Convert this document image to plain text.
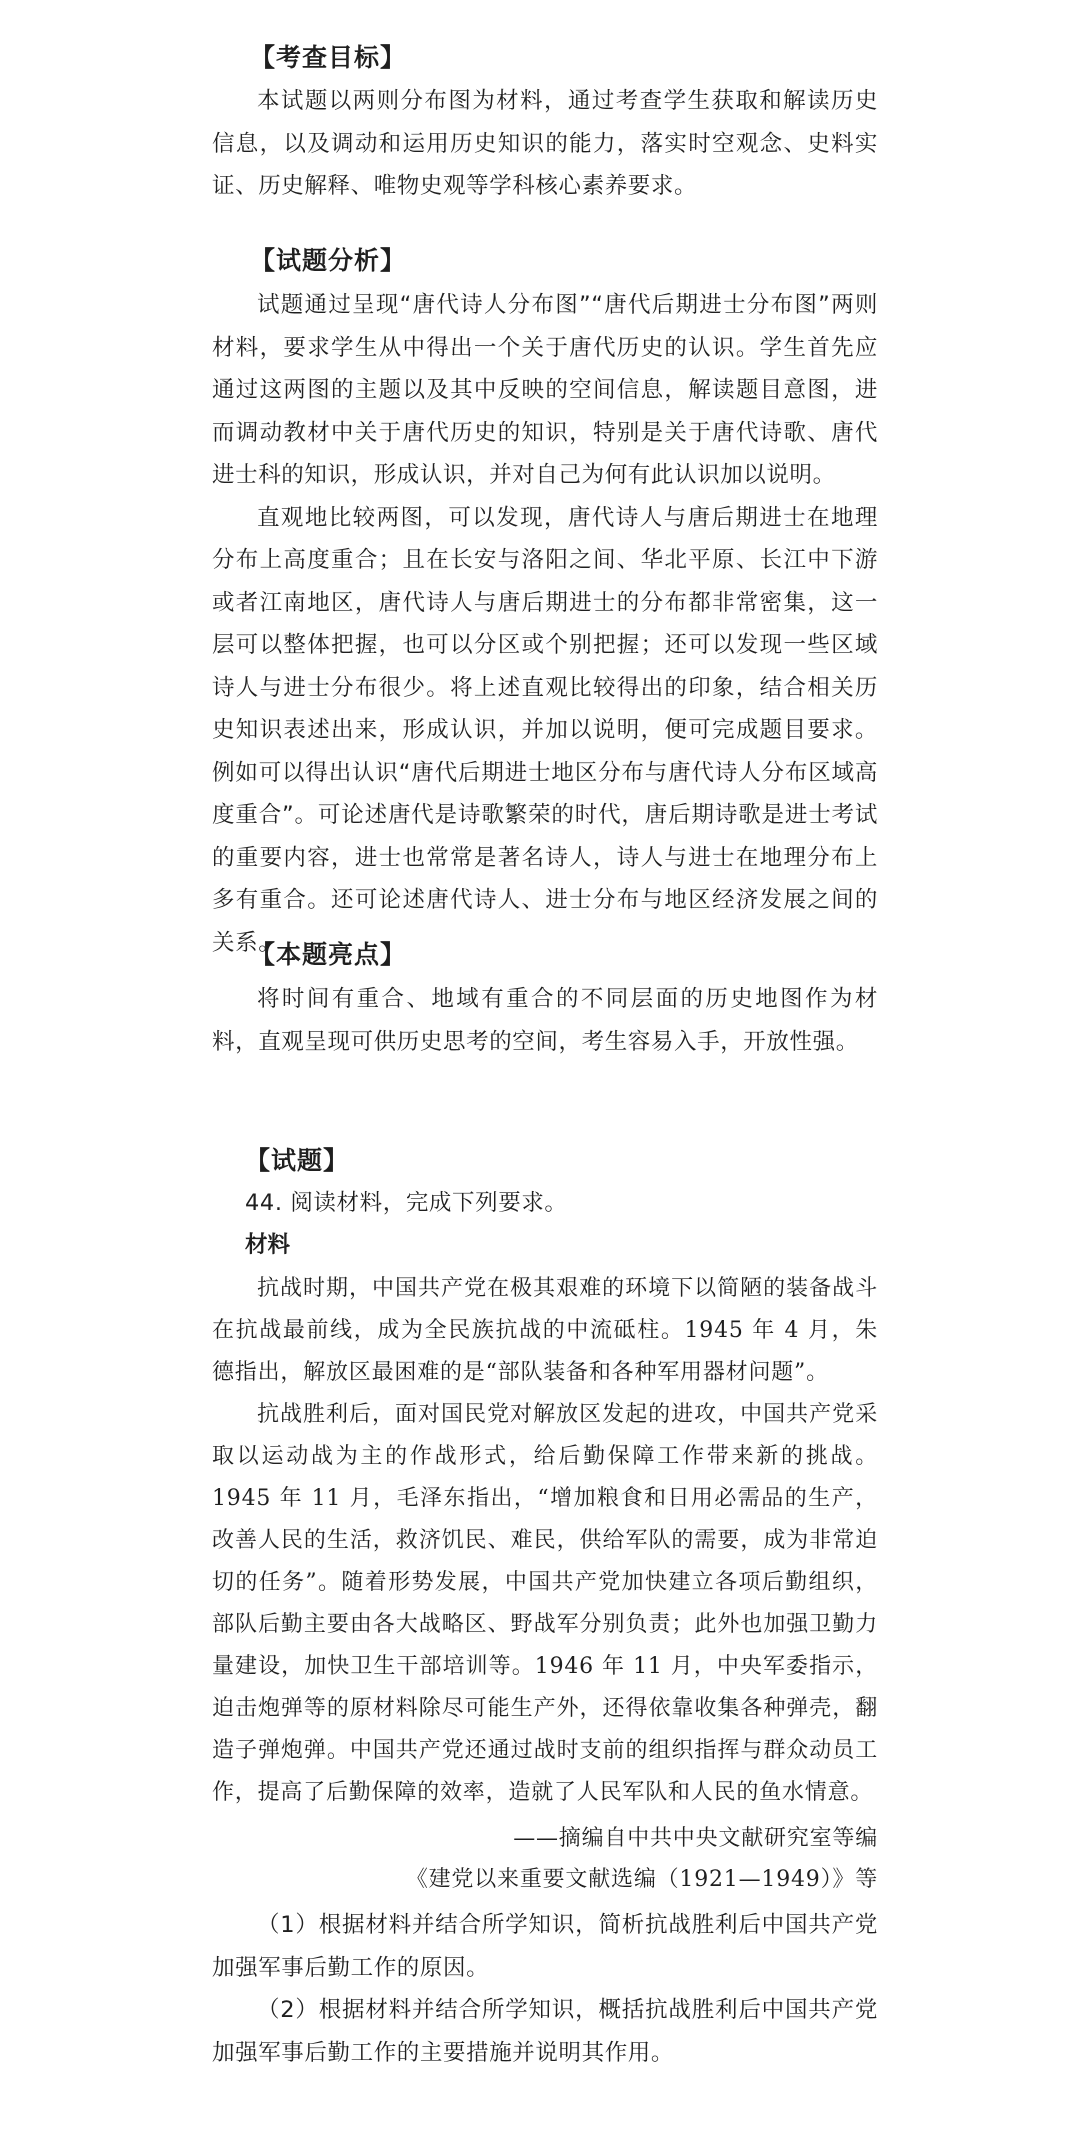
【考查目标】

本试题以两则分布图为材料，通过考查学生获取和解读历史信息，以及调动和运用历史知识的能力，落实时空观念、史料实证、历史解释、唯物史观等学科核心素养要求。

【试题分析】

试题通过呈现“唐代诗人分布图”“唐代后期进士分布图”两则材料，要求学生从中得出一个关于唐代历史的认识。学生首先应通过这两图的主题以及其中反映的空间信息，解读题目意图，进而调动教材中关于唐代历史的知识，特别是关于唐代诗歌、唐代进士科的知识，形成认识，并对自己为何有此认识加以说明。

直观地比较两图，可以发现，唐代诗人与唐后期进士在地理分布上高度重合；且在长安与洛阳之间、华北平原、长江中下游或者江南地区，唐代诗人与唐后期进士的分布都非常密集，这一层可以整体把握，也可以分区或个别把握；还可以发现一些区域诗人与进士分布很少。将上述直观比较得出的印象，结合相关历史知识表述出来，形成认识，并加以说明，便可完成题目要求。例如可以得出认识“唐代后期进士地区分布与唐代诗人分布区域高度重合”。可论述唐代是诗歌繁荣的时代，唐后期诗歌是进士考试的重要内容，进士也常常是著名诗人，诗人与进士在地理分布上多有重合。还可论述唐代诗人、进士分布与地区经济发展之间的关系。

【本题亮点】

将时间有重合、地域有重合的不同层面的历史地图作为材料，直观呈现可供历史思考的空间，考生容易入手，开放性强。

【试题】
44. 阅读材料，完成下列要求。
材料

抗战时期，中国共产党在极其艰难的环境下以简陋的装备战斗在抗战最前线，成为全民族抗战的中流砥柱。1945 年 4 月，朱德指出，解放区最困难的是“部队装备和各种军用器材问题”。

抗战胜利后，面对国民党对解放区发起的进攻，中国共产党采取以运动战为主的作战形式，给后勤保障工作带来新的挑战。1945 年 11 月，毛泽东指出，“增加粮食和日用必需品的生产，改善人民的生活，救济饥民、难民，供给军队的需要，成为非常迫切的任务”。随着形势发展，中国共产党加快建立各项后勤组织，部队后勤主要由各大战略区、野战军分别负责；此外也加强卫勤力量建设，加快卫生干部培训等。1946 年 11 月，中央军委指示，迫击炮弹等的原材料除尽可能生产外，还得依靠收集各种弹壳，翻造子弹炮弹。中国共产党还通过战时支前的组织指挥与群众动员工作，提高了后勤保障的效率，造就了人民军队和人民的鱼水情意。

——摘编自中共中央文献研究室等编
《建党以来重要文献选编（1921—1949）》等

（1）根据材料并结合所学知识，简析抗战胜利后中国共产党加强军事后勤工作的原因。

（2）根据材料并结合所学知识，概括抗战胜利后中国共产党加强军事后勤工作的主要措施并说明其作用。
